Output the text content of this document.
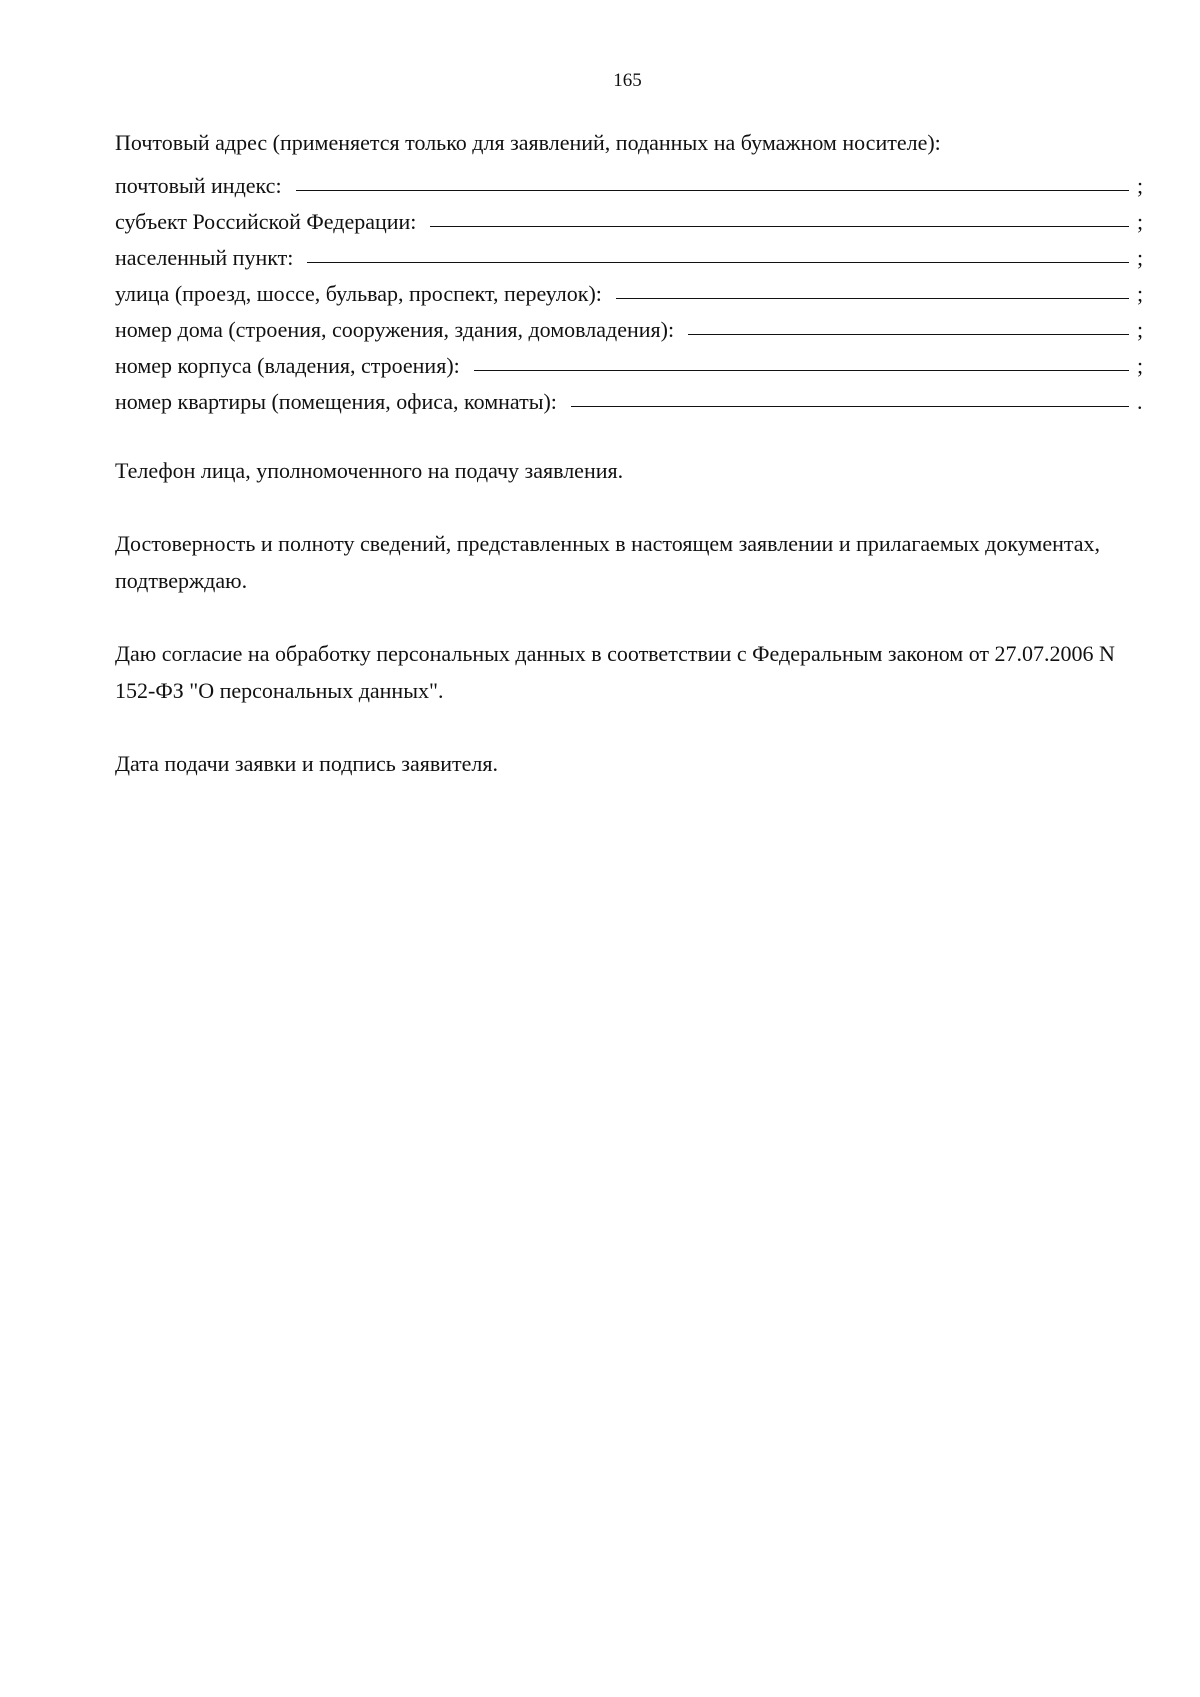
165
Почтовый адрес (применяется только для заявлений, поданных на бумажном носителе):
почтовый индекс:	;
субъект Российской Федерации:	;
населенный пункт:	;
улица (проезд, шоссе, бульвар, проспект, переулок):	;
номер дома (строения, сооружения, здания, домовладения):	;
номер корпуса (владения, строения):	;
номер квартиры (помещения, офиса, комнаты):	.

Телефон лица, уполномоченного на подачу заявления.

Достоверность и полноту сведений, представленных в настоящем заявлении и прилагаемых документах, подтверждаю.

Даю согласие на обработку персональных данных в соответствии с Федеральным законом от 27.07.2006 N 152-ФЗ "О персональных данных".

Дата подачи заявки и подпись заявителя.
